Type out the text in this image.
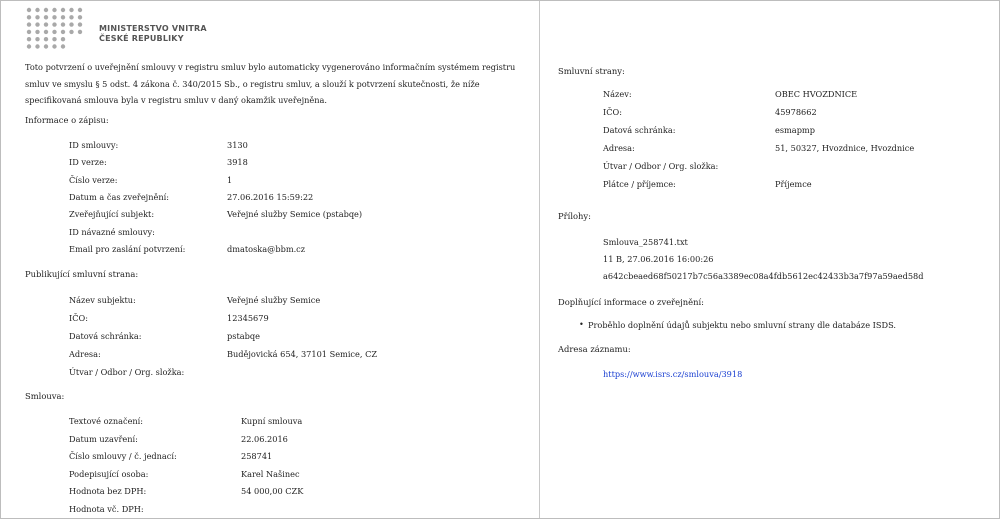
MINISTERSTVO VNITRA
ČESKÉ REPUBLIKY
Toto potvrzení o uveřejnění smlouvy v registru smluv bylo automaticky vygenerováno informačním systémem registru smluv ve smyslu § 5 odst. 4 zákona č. 340/2015 Sb., o registru smluv, a slouží k potvrzení skutečnosti, že níže specifikovaná smlouva byla v registru smluv v daný okamžik uveřejněna.
Informace o zápisu:
ID smlouvy:	3130
ID verze:	3918
Číslo verze:	1
Datum a čas zveřejnění:	27.06.2016 15:59:22
Zveřejňující subjekt:	Veřejné služby Semice (pstabqe)
ID návazné smlouvy:
Email pro zaslání potvrzení:	dmatoska@bbm.cz
Publikující smluvní strana:
Název subjektu:	Veřejné služby Semice
IČO:	12345679
Datová schránka:	pstabqe
Adresa:	Budějovická 654, 37101 Semice, CZ
Útvar / Odbor / Org. složka:
Smlouva:
Textové označení:	Kupní smlouva
Datum uzavření:	22.06.2016
Číslo smlouvy / č. jednací:	258741
Podepisující osoba:	Karel Našinec
Hodnota bez DPH:	54 000,00 CZK
Hodnota vč. DPH:
Smluvní strany:
Název:	OBEC HVOZDNICE
IČO:	45978662
Datová schránka:	esmapmp
Adresa:	51, 50327, Hvozdnice, Hvozdnice
Útvar / Odbor / Org. složka:
Plátce / příjemce:	Příjemce
Přílohy:
Smlouva_258741.txt
11 B, 27.06.2016 16:00:26
a642cbeaed68f50217b7c56a3389ec08a4fdb5612ec42433b3a7f97a59aed58d
Doplňující informace o zveřejnění:
• Proběhlo doplnění údajů subjektu nebo smluvní strany dle databáze ISDS.
Adresa záznamu:
https://www.isrs.cz/smlouva/3918
